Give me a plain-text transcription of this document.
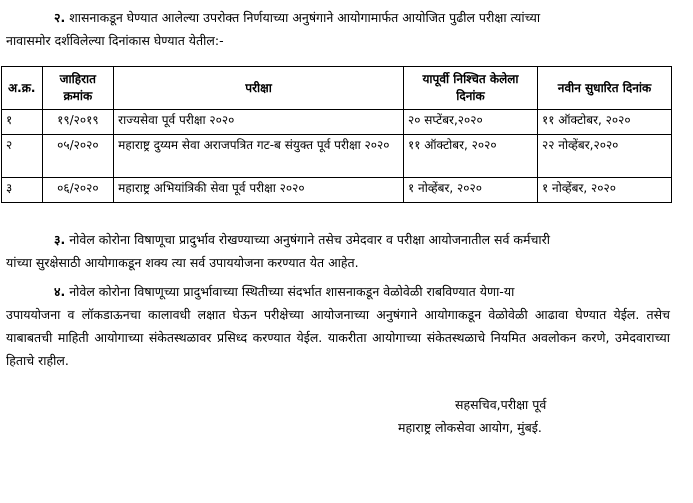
२. शासनाकडून घेण्यात आलेल्या उपरोक्त निर्णयाच्या अनुषंगाने आयोगामार्फत आयोजित पुढील परीक्षा त्यांच्या
नावासमोर दर्शविलेल्या दिनांकास घेण्यात येतील:-
अ.क्र.	जाहिरात क्रमांक	परीक्षा	यापूर्वी निश्चित केलेला दिनांक	नवीन सुधारित दिनांक
१	१९/२०१९	राज्यसेवा पूर्व परीक्षा २०२०	२० सप्टेंबर,२०२०	११ ऑक्टोबर, २०२०
२	०५/२०२०	महाराष्ट्र दुय्यम सेवा अराजपत्रित गट-ब संयुक्त पूर्व परीक्षा २०२०	११ ऑक्टोबर, २०२०	२२ नोव्हेंबर,२०२०
३	०६/२०२०	महाराष्ट्र अभियांत्रिकी सेवा पूर्व परीक्षा २०२०	१ नोव्हेंबर, २०२०	१ नोव्हेंबर, २०२०
३. नोवेल कोरोना विषाणूचा प्रादुर्भाव रोखण्याच्या अनुषंगाने तसेच उमेदवार व परीक्षा आयोजनातील सर्व कर्मचारी
यांच्या सुरक्षेसाठी आयोगाकडून शक्य त्या सर्व उपाययोजना करण्यात येत आहेत.
४. नोवेल कोरोना विषाणूच्या प्रादुर्भावाच्या स्थितीच्या संदर्भात शासनाकडून वेळोवेळी राबविण्यात येणा-या
उपाययोजना व लॉकडाऊनचा कालावधी लक्षात घेऊन परीक्षेच्या आयोजनाच्या अनुषंगाने आयोगाकडून वेळोवेळी आढावा घेण्यात येईल. तसेच याबाबतची माहिती आयोगाच्या संकेतस्थळावर प्रसिध्द करण्यात येईल. याकरीता आयोगाच्या संकेतस्थळाचे नियमित अवलोकन करणे, उमेदवाराच्या हिताचे राहील.
सहसचिव,परीक्षा पूर्व
महाराष्ट्र लोकसेवा आयोग, मुंबई.
